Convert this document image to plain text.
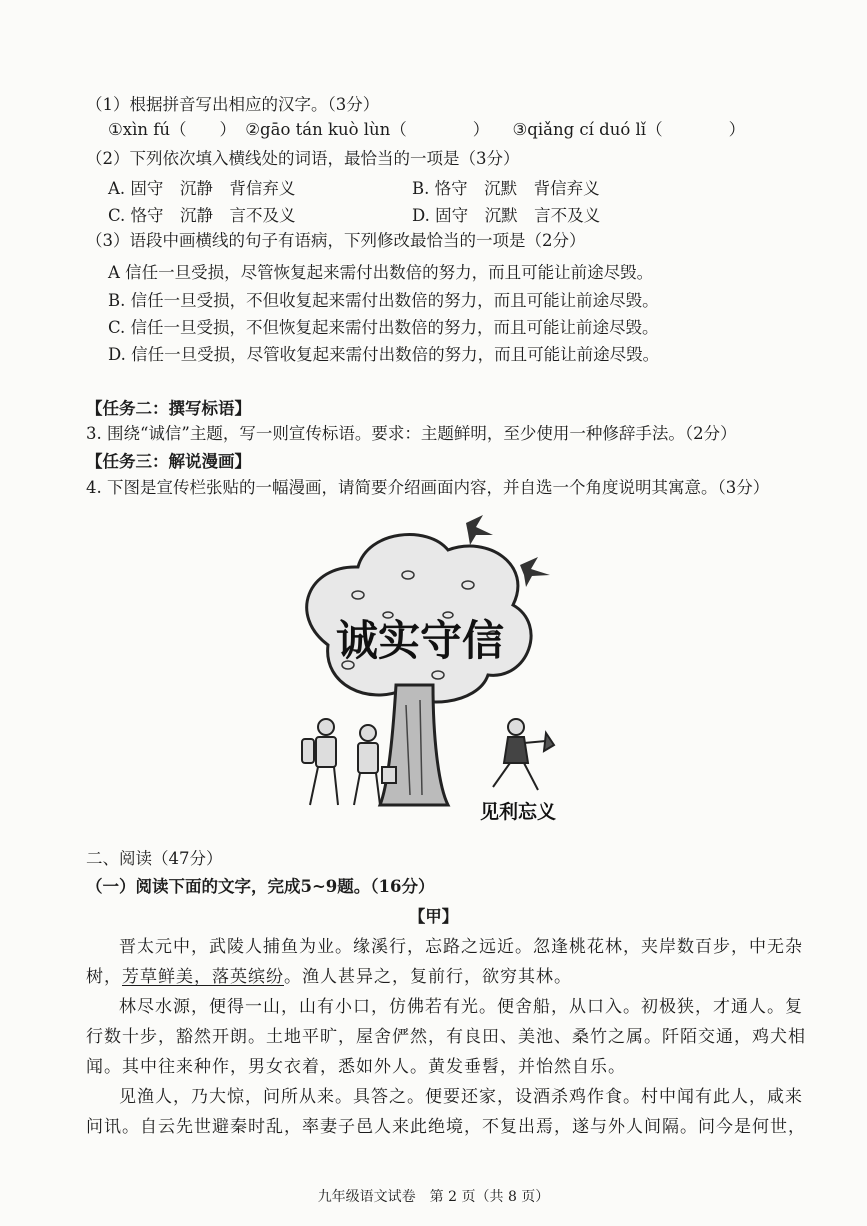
（1）根据拼音写出相应的汉字。（3分）
①xìn fú（　　） ②gāo tán kuò lùn（　　　　） ③qiǎng cí duó lǐ（　　　　）
（2）下列依次填入横线处的词语，最恰当的一项是（3分）
A. 固守　沉静　背信弃义	B. 恪守　沉默　背信弃义
C. 恪守　沉静　言不及义	D. 固守　沉默　言不及义
（3）语段中画横线的句子有语病，下列修改最恰当的一项是（2分）
A 信任一旦受损，尽管恢复起来需付出数倍的努力，而且可能让前途尽毁。
B. 信任一旦受损，不但收复起来需付出数倍的努力，而且可能让前途尽毁。
C. 信任一旦受损，不但恢复起来需付出数倍的努力，而且可能让前途尽毁。
D. 信任一旦受损，尽管收复起来需付出数倍的努力，而且可能让前途尽毁。
【任务二：撰写标语】
3. 围绕“诚信”主题，写一则宣传标语。要求：主题鲜明，至少使用一种修辞手法。（2分）
【任务三：解说漫画】
4. 下图是宣传栏张贴的一幅漫画，请简要介绍画面内容，并自选一个角度说明其寓意。（3分）
诚实守信
见利忘义
二、阅读（47分）
（一）阅读下面的文字，完成5~9题。（16分）
【甲】
晋太元中，武陵人捕鱼为业。缘溪行，忘路之远近。忽逢桃花林，夹岸数百步，中无杂
树，芳草鲜美，落英缤纷。渔人甚异之，复前行，欲穷其林。
林尽水源，便得一山，山有小口，仿佛若有光。便舍船，从口入。初极狭，才通人。复
行数十步，豁然开朗。土地平旷，屋舍俨然，有良田、美池、桑竹之属。阡陌交通，鸡犬相
闻。其中往来种作，男女衣着，悉如外人。黄发垂髫，并怡然自乐。
见渔人，乃大惊，问所从来。具答之。便要还家，设酒杀鸡作食。村中闻有此人，咸来
问讯。自云先世避秦时乱，率妻子邑人来此绝境，不复出焉，遂与外人间隔。问今是何世，
九年级语文试卷　第 2 页（共 8 页）
